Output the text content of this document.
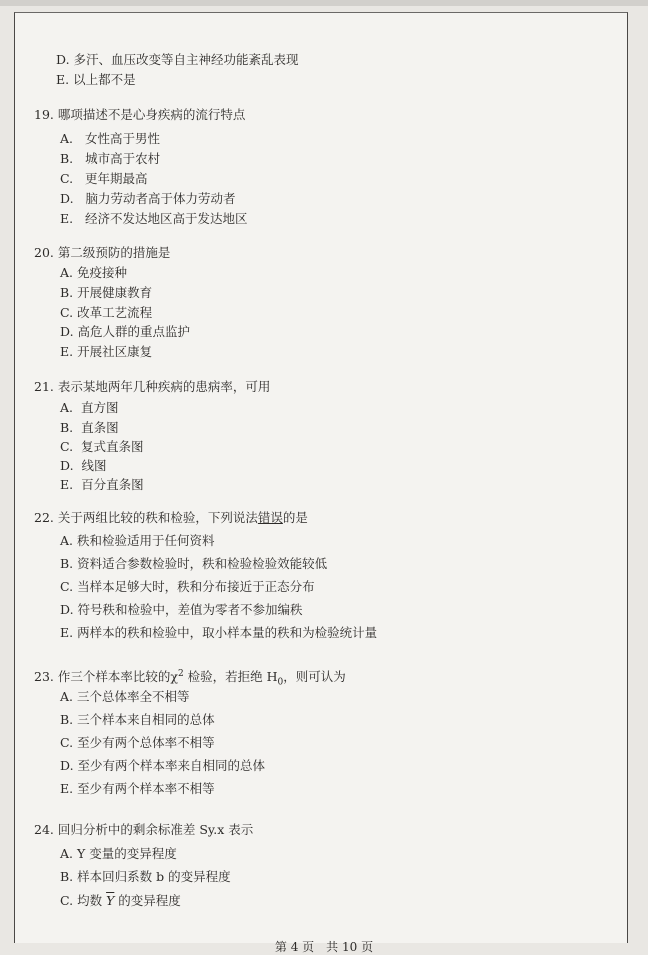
D. 多汗、血压改变等自主神经功能紊乱表现
E. 以上都不是
19. 哪项描述不是心身疾病的流行特点
A. 女性高于男性
B. 城市高于农村
C. 更年期最高
D. 脑力劳动者高于体力劳动者
E. 经济不发达地区高于发达地区
20. 第二级预防的措施是
A. 免疫接种
B. 开展健康教育
C. 改革工艺流程
D. 高危人群的重点监护
E. 开展社区康复
21. 表示某地两年几种疾病的患病率，可用
A. 直方图
B. 直条图
C. 复式直条图
D. 线图
E. 百分直条图
22. 关于两组比较的秩和检验，下列说法错误的是
A. 秩和检验适用于任何资料
B. 资料适合参数检验时，秩和检验检验效能较低
C. 当样本足够大时，秩和分布接近于正态分布
D. 符号秩和检验中，差值为零者不参加编秩
E. 两样本的秩和检验中，取小样本量的秩和为检验统计量
23. 作三个样本率比较的$\chi^2$ 检验，若拒绝 $H_0$，则可认为
A. 三个总体率全不相等
B. 三个样本来自相同的总体
C. 至少有两个总体率不相等
D. 至少有两个样本率来自相同的总体
E. 至少有两个样本率不相等
24. 回归分析中的剩余标准差 Sy.x 表示
A. Y 变量的变异程度
B. 样本回归系数 b 的变异程度
C. 均数 $\overline{Y}$ 的变异程度
第 4 页 共 10 页
